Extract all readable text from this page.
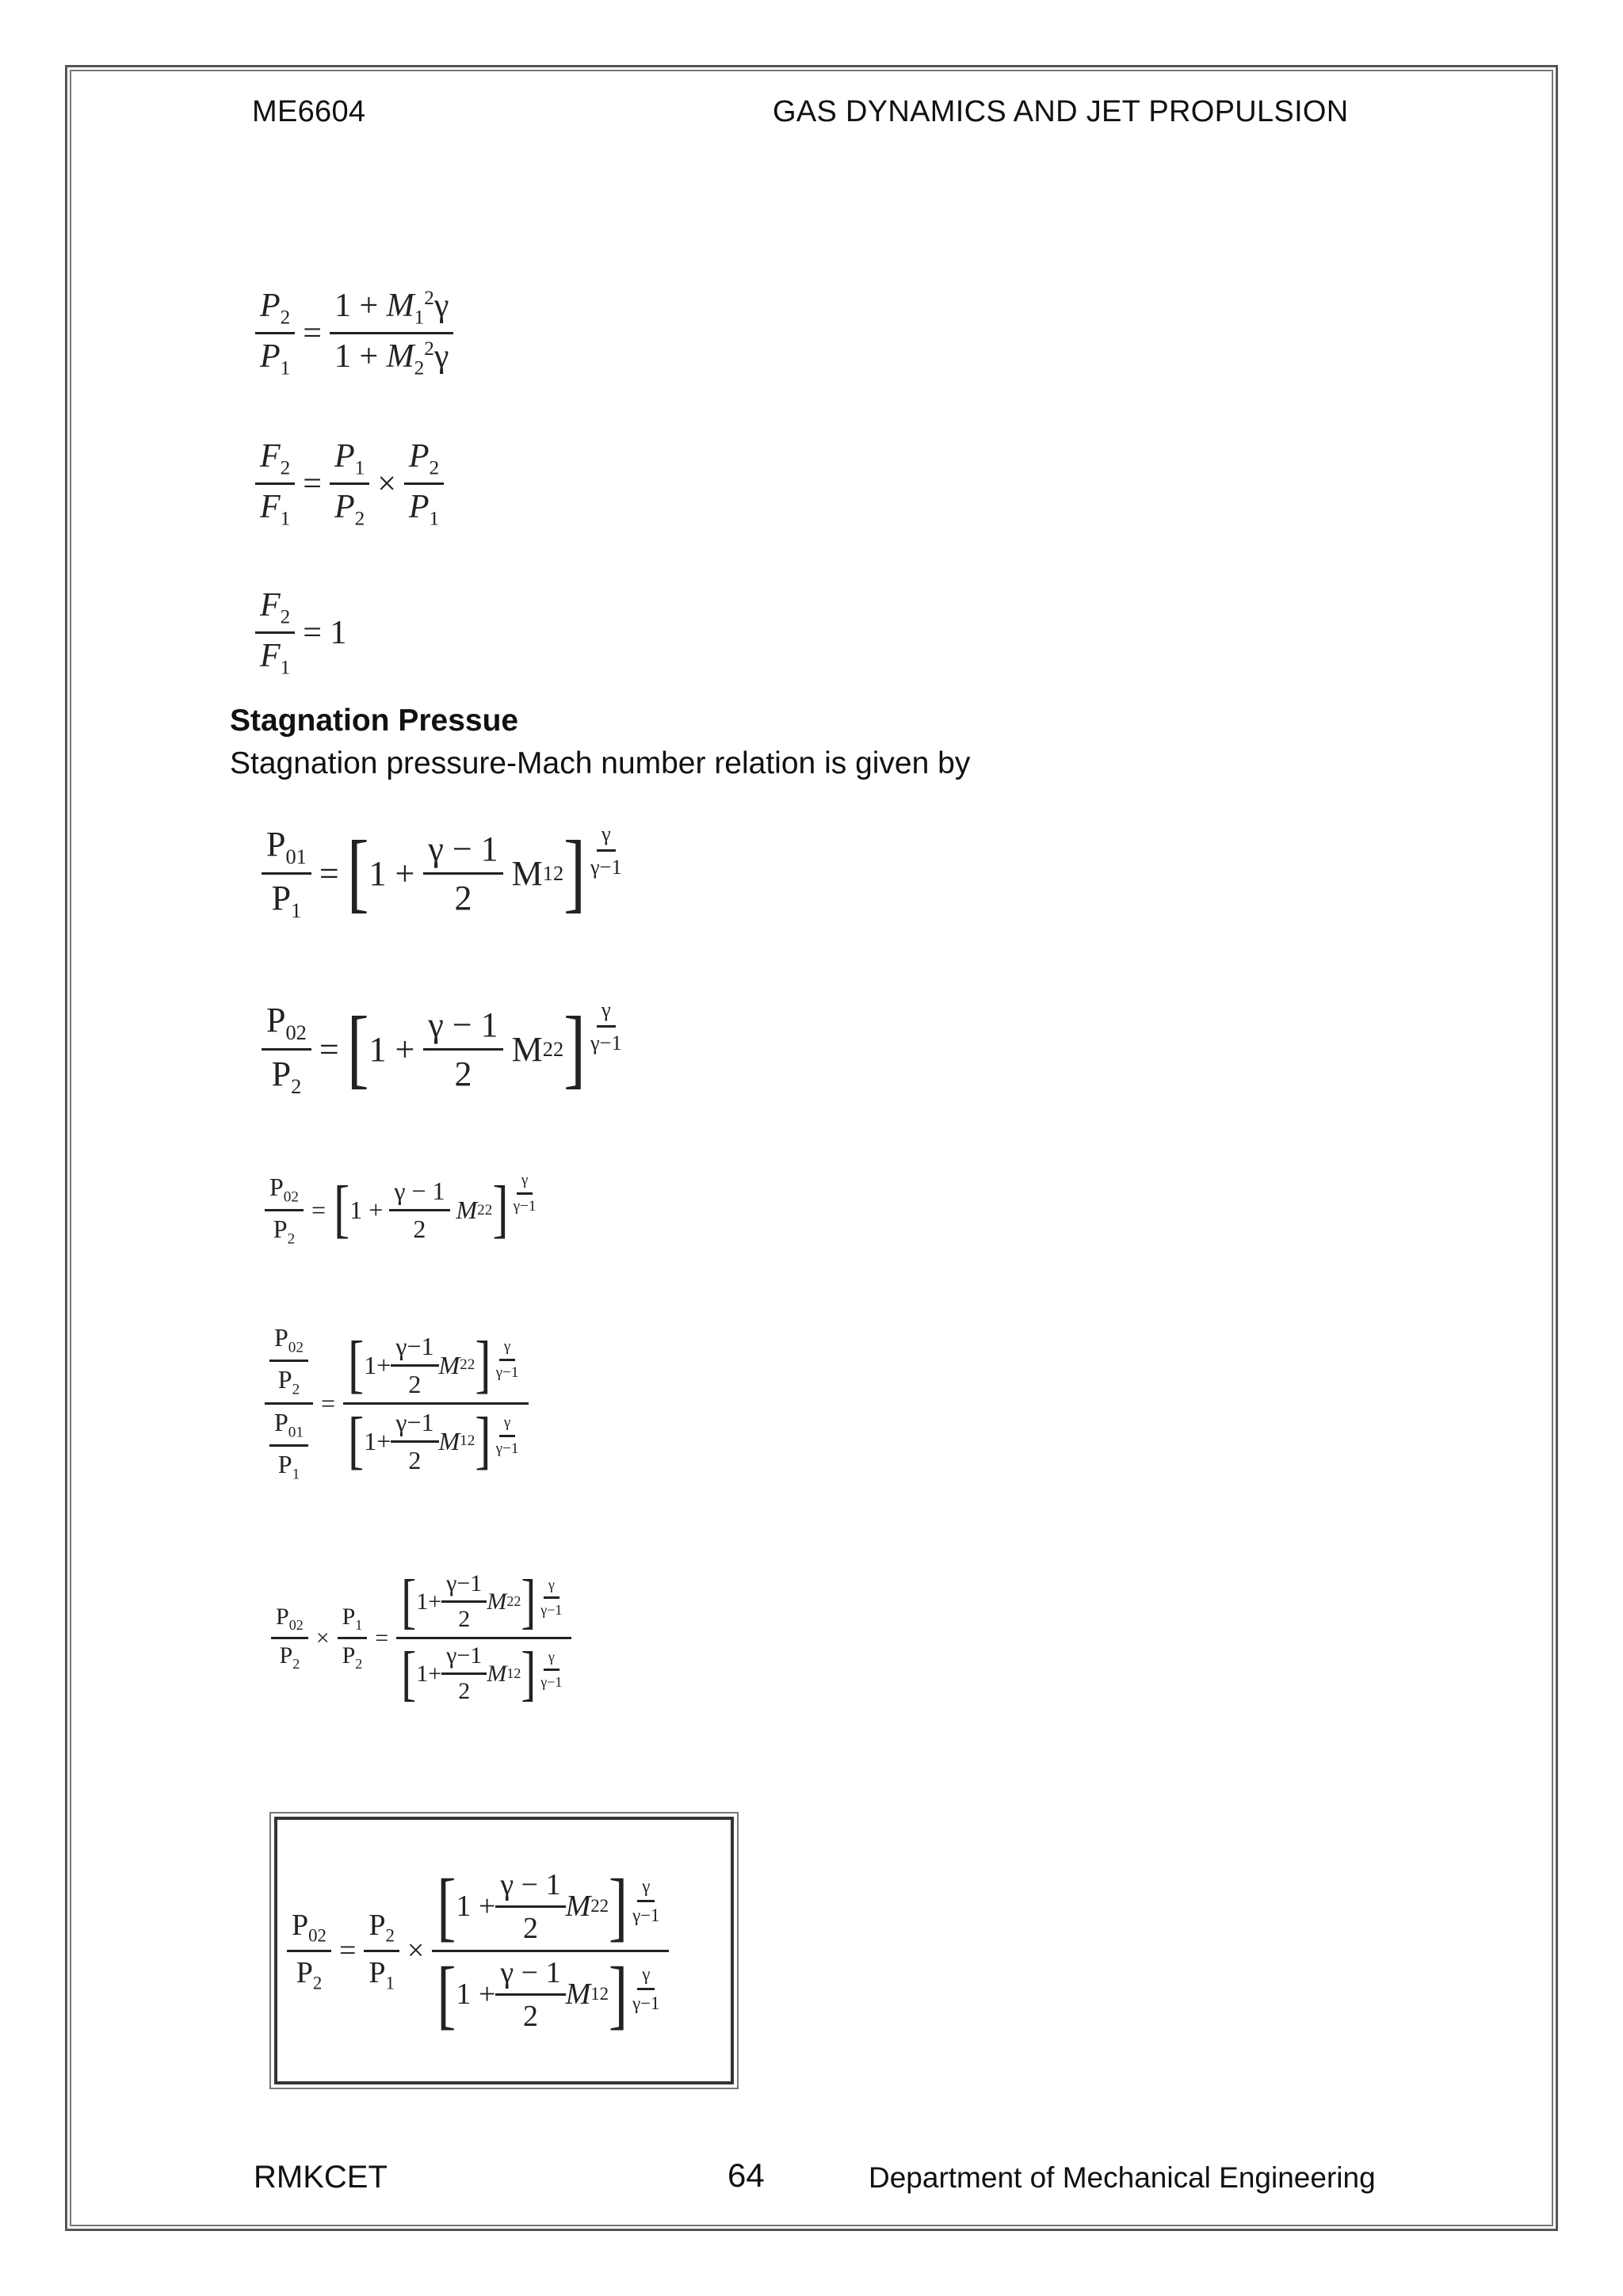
ME6604	GAS DYNAMICS AND JET PROPULSION
$\frac{P_2}{P_1} = \frac{1 + M_1^2\gamma}{1 + M_2^2\gamma}$
$\frac{F_2}{F_1} = \frac{P_1}{P_2} \times \frac{P_2}{P_1}$
$\frac{F_2}{F_1} = 1$
Stagnation Pressue
Stagnation pressure-Mach number relation is given by
$\frac{P_{01}}{P_1}$ = [ $1 + \frac{\gamma - 1}{2}$ M 1 2 ] $\frac{\gamma}{\gamma-1}$
$\frac{P_{02}}{P_2}$ = [ $1 + \frac{\gamma - 1}{2}$ M 2 2 ] $\frac{\gamma}{\gamma-1}$
$\frac{P_{02}}{P_2}$ = [ $1 + \frac{\gamma - 1}{2}$
M 2 2 ] $\frac{\gamma}{\gamma-1}$
$\frac{\frac{P_{02}}{P_2}}{\frac{P_{01}}{P_1}}$ = [ $1+ \frac{\gamma-1}{2}$ M 2 2 ] $^{\frac{\gamma}{\gamma-1}}$
[ $1+ \frac{\gamma-1}{2}$ M 1 2 ] $^{\frac{\gamma}{\gamma-1}}$
$\frac{P_{02}}{P_2} \times \frac{P_1}{P_2}$ = [ $1+ \frac{\gamma-1}{2}$ M 2 2 ] $^{\frac{\gamma}{\gamma-1}}$
[ $1+ \frac{\gamma-1}{2}$ M 1 2 ] $^{\frac{\gamma}{\gamma-1}}$
$\frac{P_{02}}{P_2} = \frac{P_2}{P_1}$ × [ $1 + \frac{\gamma - 1}{2}$ M 2 2 ] $^{\frac{\gamma}{\gamma-1}}$
[ $1 + \frac{\gamma - 1}{2}$ M 1 2 ] $^{\frac{\gamma}{\gamma-1}}$
RMKCET	64	Department of Mechanical Engineering
